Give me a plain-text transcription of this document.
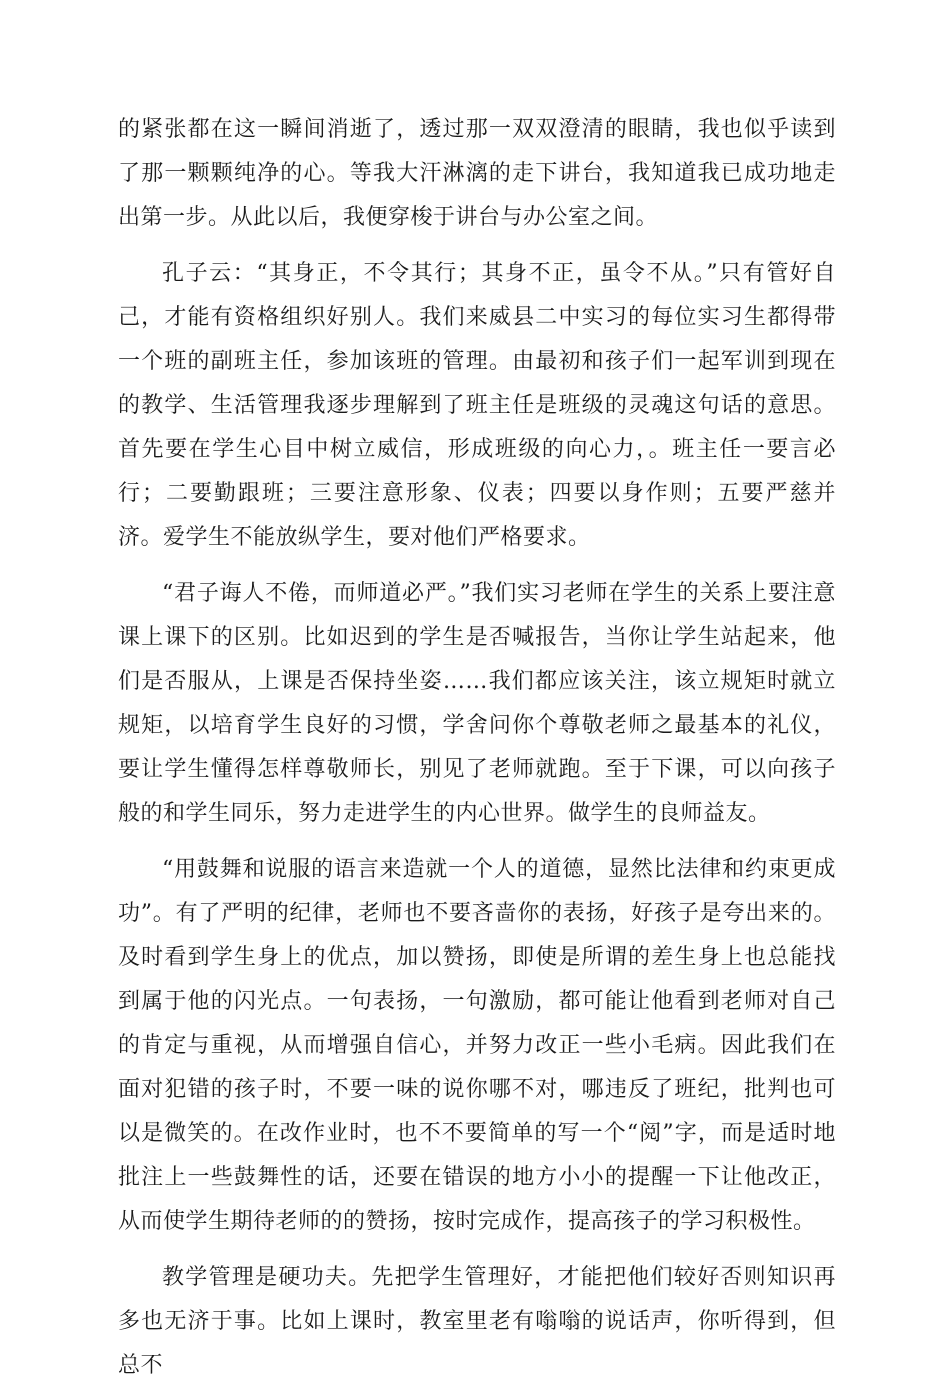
的紧张都在这一瞬间消逝了，透过那一双双澄清的眼睛，我也似乎读到了那一颗颗纯净的心。等我大汗淋漓的走下讲台，我知道我已成功地走出第一步。从此以后，我便穿梭于讲台与办公室之间。

孔子云：“其身正，不令其行；其身不正，虽令不从。”只有管好自己，才能有资格组织好别人。我们来威县二中实习的每位实习生都得带一个班的副班主任，参加该班的管理。由最初和孩子们一起军训到现在的教学、生活管理我逐步理解到了班主任是班级的灵魂这句话的意思。首先要在学生心目中树立威信，形成班级的向心力，。班主任一要言必行；二要勤跟班；三要注意形象、仪表；四要以身作则；五要严慈并济。爱学生不能放纵学生，要对他们严格要求。

“君子诲人不倦，而师道必严。”我们实习老师在学生的关系上要注意课上课下的区别。比如迟到的学生是否喊报告，当你让学生站起来，他们是否服从，上课是否保持坐姿……我们都应该关注，该立规矩时就立规矩，以培育学生良好的习惯，学舍问你个尊敬老师之最基本的礼仪，要让学生懂得怎样尊敬师长，别见了老师就跑。至于下课，可以向孩子般的和学生同乐，努力走进学生的内心世界。做学生的良师益友。

“用鼓舞和说服的语言来造就一个人的道德，显然比法律和约束更成功”。有了严明的纪律，老师也不要吝啬你的表扬，好孩子是夸出来的。及时看到学生身上的优点，加以赞扬，即使是所谓的差生身上也总能找到属于他的闪光点。一句表扬，一句激励，都可能让他看到老师对自己的肯定与重视，从而增强自信心，并努力改正一些小毛病。因此我们在面对犯错的孩子时，不要一味的说你哪不对，哪违反了班纪，批判也可以是微笑的。在改作业时，也不不要简单的写一个“阅”字，而是适时地批注上一些鼓舞性的话，还要在错误的地方小小的提醒一下让他改正，从而使学生期待老师的的赞扬，按时完成作，提高孩子的学习积极性。

教学管理是硬功夫。先把学生管理好，才能把他们较好否则知识再多也无济于事。比如上课时，教室里老有嗡嗡的说话声，你听得到，但总不
